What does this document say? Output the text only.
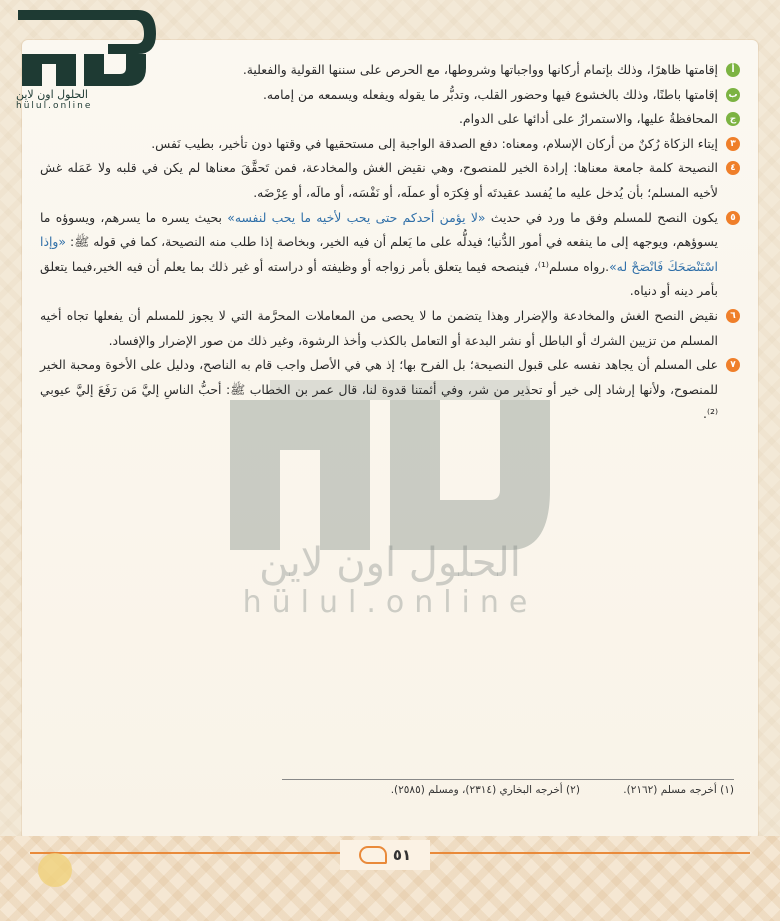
٥١
الحلول اون لاين
hülul.online
الحلول اون لاين
hülul.online

أ
إقامتها ظاهرًا، وذلك بإتمام أركانها وواجباتها وشروطها، مع الحرص على سننها القولية والفعلية.

ب
إقامتها باطنًا، وذلك بالخشوع فيها وحضور القلب، وتدبُّر ما يقوله ويفعله ويسمعه من إمامه.

ج
المحافظةُ عليها، والاستمرارُ على أدائها على الدوام.

٣
إيتاء الزكاة رُكنٌ من أركان الإسلام، ومعناه: دفع الصدقة الواجبة إلى مستحقيها في وقتها دون تأخير، بطيب نَفس.

٤
النصيحة كلمة جامعة معناها: إرادة الخير للمنصوح، وهي نقيض الغش والمخادعة، فمن تَحقَّقَ معناها لم يكن في قلبه ولا عَمَله غش لأخيه المسلم؛ بأن يُدخل عليه ما يُفسد عقيدتَه أو فِكرَه أو عملَه، أو نَفْسَه، أو مالَه، أو عِرْضَه.

٥
يكون النصح للمسلم وفق ما ورد في حديث «لا يؤمن أحدكم حتى يحب لأخيه ما يحب لنفسه» بحيث يسره ما يسرهم، ويسوؤه ما يسوؤهم، ويوجهه إلى ما ينفعه في أمور الدُّنيا؛ فيدلُّه على ما يَعلم أن فيه الخير، وبخاصة إذا طلب منه النصيحة، كما في قوله ﷺ: «وإذا اسْتَنْصَحَكَ فَانْصَحْ له».رواه مسلم⁽¹⁾، فينصحه فيما يتعلق بأمر زواجه أو وظيفته أو دراسته أو غير ذلك بما يعلم أن فيه الخير،فيما يتعلق بأمر دينه أو دنياه.

٦
نقيض النصح الغش والمخادعة والإضرار وهذا يتضمن ما لا يحصى من المعاملات المحرَّمة التي لا يجوز للمسلم أن يفعلها تجاه أخيه المسلم من تزيين الشرك أو الباطل أو نشر البدعة أو التعامل بالكذب وأخذ الرشوة، وغير ذلك من صور الإضرار والإفساد.

٧
على المسلم أن يجاهد نفسه على قبول النصيحة؛ بل الفرح بها؛ إذ هي في الأصل واجب قام به الناصح، ودليل على الأخوة ومحبة الخير للمنصوح، ولأنها إرشاد إلى خير أو تحذير من شر، وفي أئمتنا قدوة لنا، قال عمر بن الخطاب ﷺ: أحبُّ الناسِ إليَّ مَن رَفَعَ إليَّ عيوبي ⁽²⁾.

(١) أخرجه مسلم (٢١٦٢). (٢) أخرجه البخاري (٢٣١٤)، ومسلم (٢٥٨٥).
